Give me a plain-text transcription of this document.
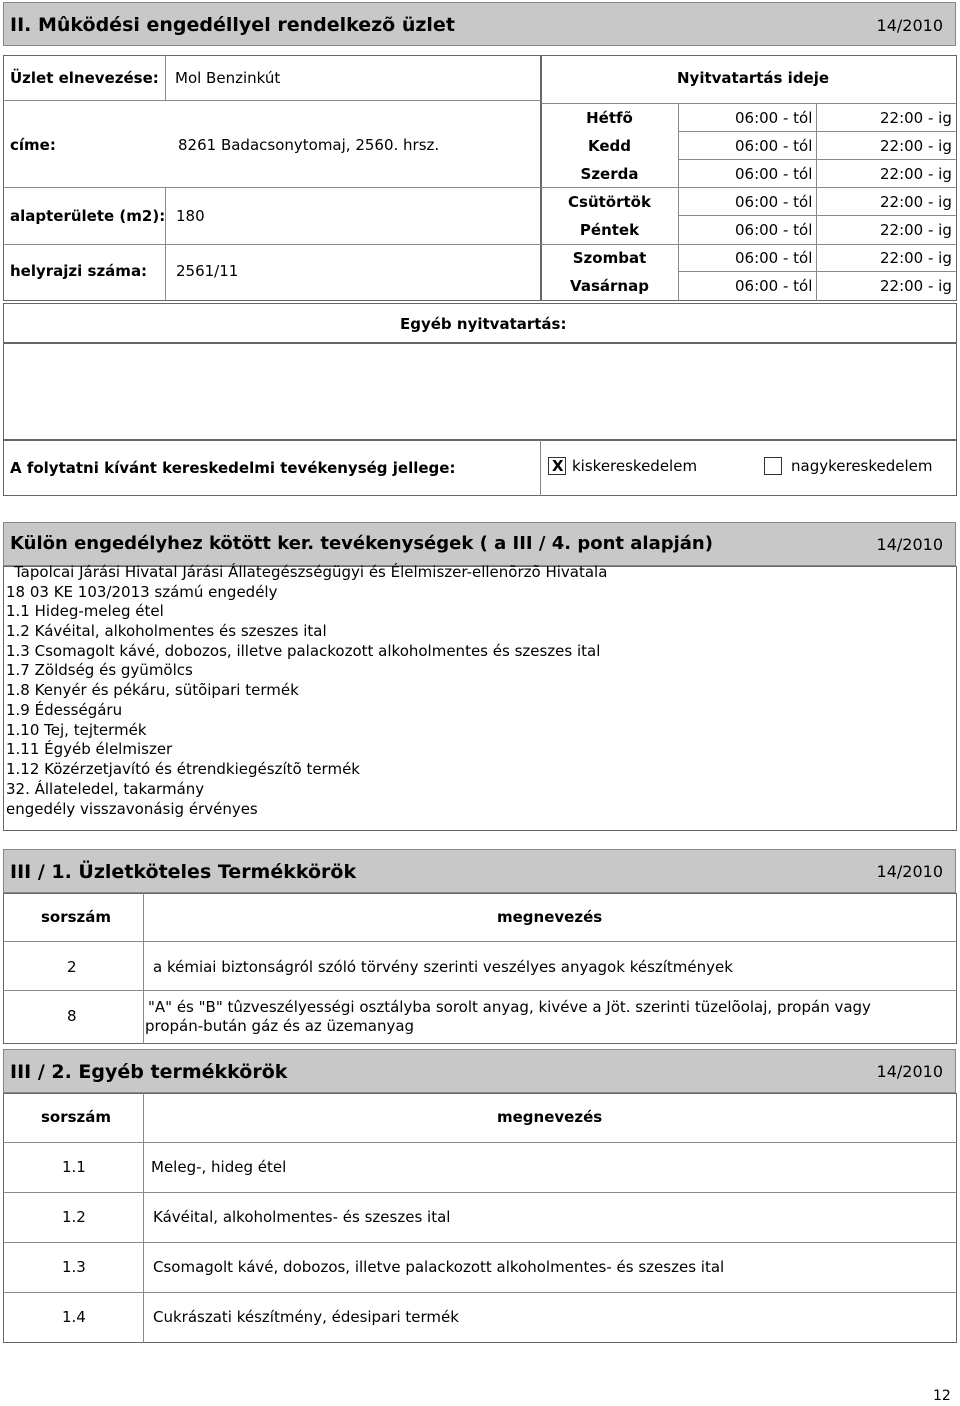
II. Mûködési engedéllyel rendelkezõ üzlet	14/2010
Üzlet elnevezése: Mol Benzinkút
címe:	8261 Badacsonytomaj, 2560. hrsz.
alapterülete (m2): 180
helyrajzi száma: 2561/11
Nyitvatartás ideje
Hétfõ	06:00 - tól	22:00 - ig
Kedd	06:00 - tól	22:00 - ig
Szerda	06:00 - tól	22:00 - ig
Csütörtök	06:00 - tól	22:00 - ig
Péntek	06:00 - tól	22:00 - ig
Szombat	06:00 - tól	22:00 - ig
Vasárnap	06:00 - tól	22:00 - ig
Egyéb nyitvatartás:
A folytatni kívánt kereskedelmi tevékenység jellege:	X kiskereskedelem	nagykereskedelem
Külön engedélyhez kötött ker. tevékenységek ( a III / 4. pont alapján)	14/2010
Tapolcai Járási Hivatal Járási Állategészségügyi és Élelmiszer-ellenõrzõ Hivatala
18 03 KE 103/2013 számú engedély
1.1 Hideg-meleg étel
1.2 Kávéital, alkoholmentes és szeszes ital
1.3 Csomagolt kávé, dobozos, illetve palackozott alkoholmentes és szeszes ital
1.7 Zöldség és gyümölcs
1.8 Kenyér és pékáru, sütõipari termék
1.9 Édességáru
1.10 Tej, tejtermék
1.11 Égyéb élelmiszer
1.12 Közérzetjavító és étrendkiegészítõ termék
32. Állateledel, takarmány
engedély visszavonásig érvényes
III / 1. Üzletköteles Termékkörök	14/2010
sorszám	megnevezés
2	a kémiai biztonságról szóló törvény szerinti veszélyes anyagok készítmények
8	"A" és "B" tûzveszélyességi osztályba sorolt anyag, kivéve a Jöt. szerinti tüzelõolaj, propán vagy
propán-bután gáz és az üzemanyag
III / 2. Egyéb termékkörök	14/2010
sorszám	megnevezés
1.1	Meleg-, hideg étel
1.2	Kávéital, alkoholmentes- és szeszes ital
1.3	Csomagolt kávé, dobozos, illetve palackozott alkoholmentes- és szeszes ital
1.4	Cukrászati készítmény, édesipari termék
12
